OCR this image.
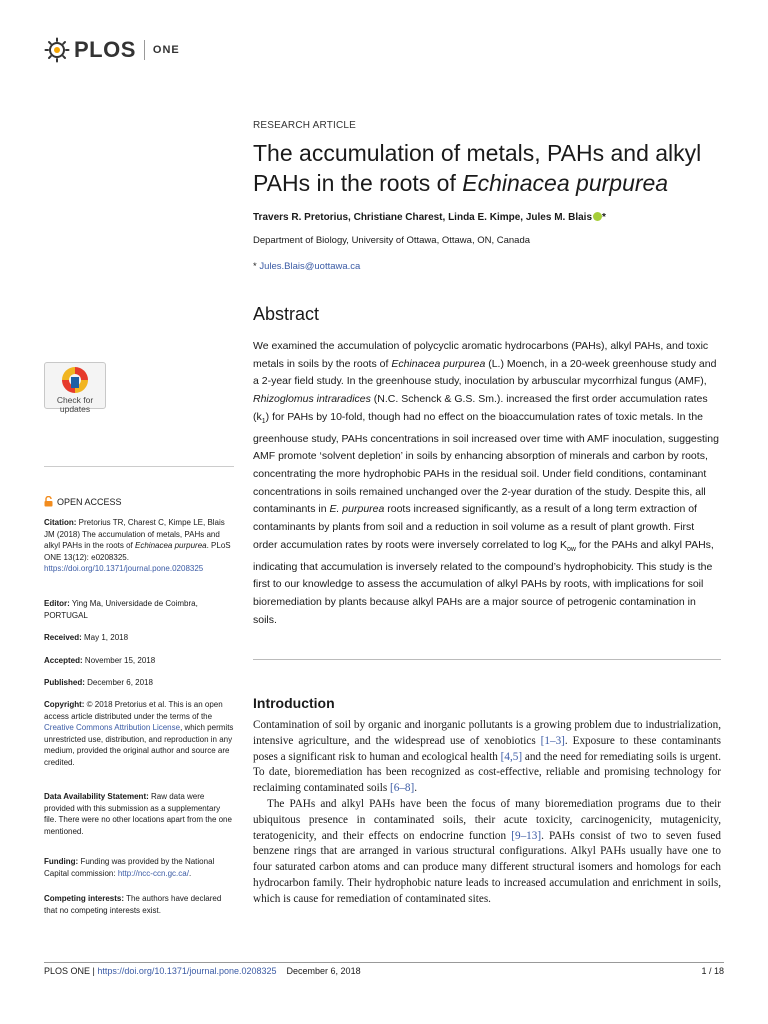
PLOS ONE
RESEARCH ARTICLE
The accumulation of metals, PAHs and alkyl PAHs in the roots of Echinacea purpurea
Travers R. Pretorius, Christiane Charest, Linda E. Kimpe, Jules M. Blais *
Department of Biology, University of Ottawa, Ottawa, ON, Canada
* Jules.Blais@uottawa.ca
Abstract
We examined the accumulation of polycyclic aromatic hydrocarbons (PAHs), alkyl PAHs, and toxic metals in soils by the roots of Echinacea purpurea (L.) Moench, in a 20-week greenhouse study and a 2-year field study. In the greenhouse study, inoculation by arbuscular mycorrhizal fungus (AMF), Rhizoglomus intraradices (N.C. Schenck & G.S. Sm.). increased the first order accumulation rates $(k_1)$ for PAHs by 10-fold, though had no effect on the bioaccumulation rates of toxic metals. In the greenhouse study, PAHs concentrations in soil increased over time with AMF inoculation, suggesting AMF promote ‘solvent depletion’ in soils by enhancing absorption of minerals and carbon by roots, concentrating the more hydrophobic PAHs in the residual soil. Under field conditions, contaminant concentrations in soils remained unchanged over the 2-year duration of the study. Despite this, all contaminants in E. purpurea roots increased significantly, as a result of a long term extraction of contaminants by plants from soil and a reduction in soil volume as a result of plant growth. First order accumulation rates by roots were inversely correlated to $\log K_{ow}$ for the PAHs and alkyl PAHs, indicating that accumulation is inversely related to the compound’s hydrophobicity. This study is the first to our knowledge to assess the accumulation of alkyl PAHs by roots, with implications for soil bioremediation by plants because alkyl PAHs are a major source of petrogenic contamination in soils.
Introduction

Contamination of soil by organic and inorganic pollutants is a growing problem due to industrialization, intensive agriculture, and the widespread use of xenobiotics [1–3]. Exposure to these contaminants poses a significant risk to human and ecological health [4,5] and the need for remediating soils is urgent. To date, bioremediation has been recognized as cost-effective, reliable and promising technology for reclaiming contaminated soils [6–8].

The PAHs and alkyl PAHs have been the focus of many bioremediation programs due to their ubiquitous presence in contaminated soils, their acute toxicity, carcinogenicity, mutagenicity, teratogenicity, and their effects on endocrine function [9–13]. PAHs consist of two to seven fused benzene rings that are arranged in various structural configurations. Alkyl PAHs usually have one to four saturated carbon atoms and can produce many different structural isomers and homologs for each hydrocarbon family. Their hydrophobic nature leads to increased accumulation and enrichment in soils, which is cause for remediation of contaminated sites.

Check for
updates
OPEN ACCESS
Citation: Pretorius TR, Charest C, Kimpe LE, Blais JM (2018) The accumulation of metals, PAHs and alkyl PAHs in the roots of Echinacea purpurea. PLoS ONE 13(12): e0208325. https://doi.org/10.1371/journal.pone.0208325
Editor: Ying Ma, Universidade de Coimbra, PORTUGAL
Received: May 1, 2018
Accepted: November 15, 2018
Published: December 6, 2018
Copyright: © 2018 Pretorius et al. This is an open access article distributed under the terms of the Creative Commons Attribution License, which permits unrestricted use, distribution, and reproduction in any medium, provided the original author and source are credited.
Data Availability Statement: Raw data were provided with this submission as a supplementary file. There were no other locations apart from the one mentioned.
Funding: Funding was provided by the National Capital commission: http://ncc-ccn.gc.ca/.
Competing interests: The authors have declared that no competing interests exist.
PLOS ONE | https://doi.org/10.1371/journal.pone.0208325 December 6, 2018	1 / 18
